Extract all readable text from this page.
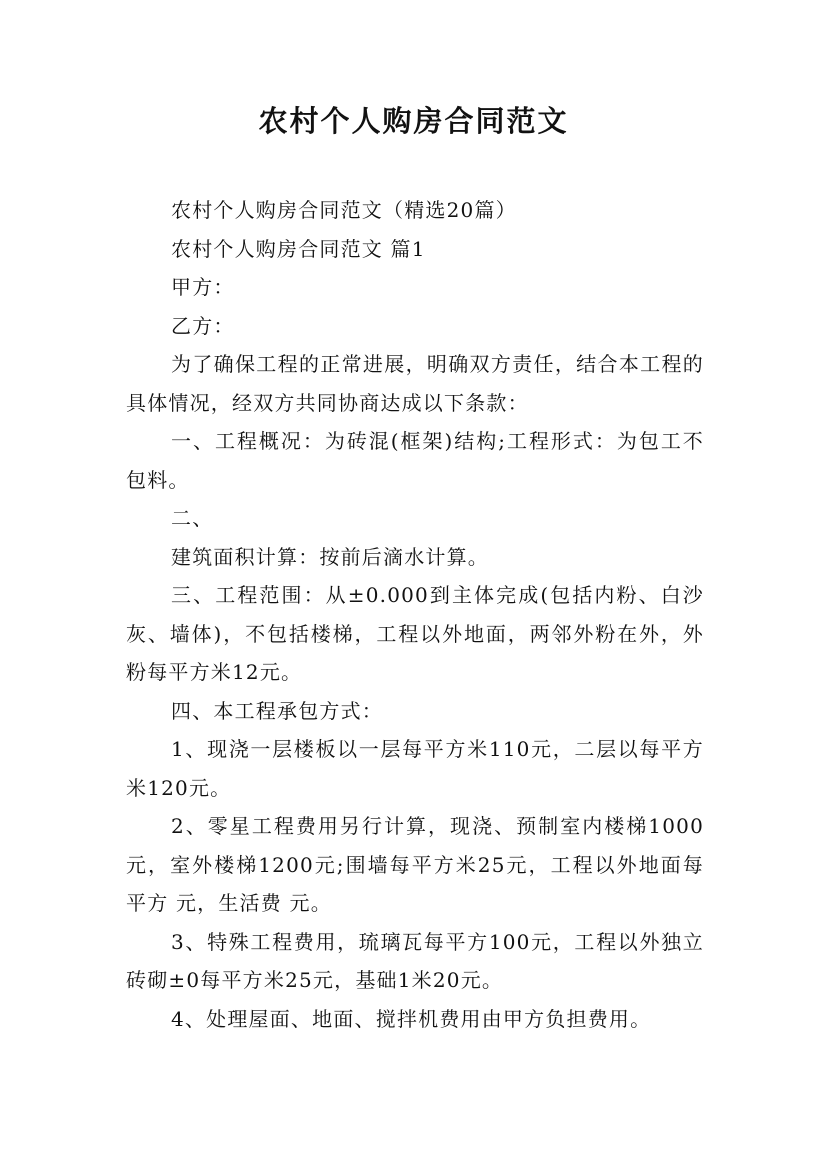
农村个人购房合同范文

农村个人购房合同范文（精选20篇）

农村个人购房合同范文 篇1

甲方：

乙方：

为了确保工程的正常进展，明确双方责任，结合本工程的具体情况，经双方共同协商达成以下条款：

一、工程概况：为砖混(框架)结构;工程形式：为包工不包料。

二、

建筑面积计算：按前后滴水计算。

三、工程范围：从±0.000到主体完成(包括内粉、白沙灰、墙体)，不包括楼梯，工程以外地面，两邻外粉在外，外粉每平方米12元。

四、本工程承包方式：

1、现浇一层楼板以一层每平方米110元，二层以每平方米120元。

2、零星工程费用另行计算，现浇、预制室内楼梯1000元，室外楼梯1200元;围墙每平方米25元，工程以外地面每平方 元，生活费 元。

3、特殊工程费用，琉璃瓦每平方100元，工程以外独立砖砌±0每平方米25元，基础1米20元。

4、处理屋面、地面、搅拌机费用由甲方负担费用。
